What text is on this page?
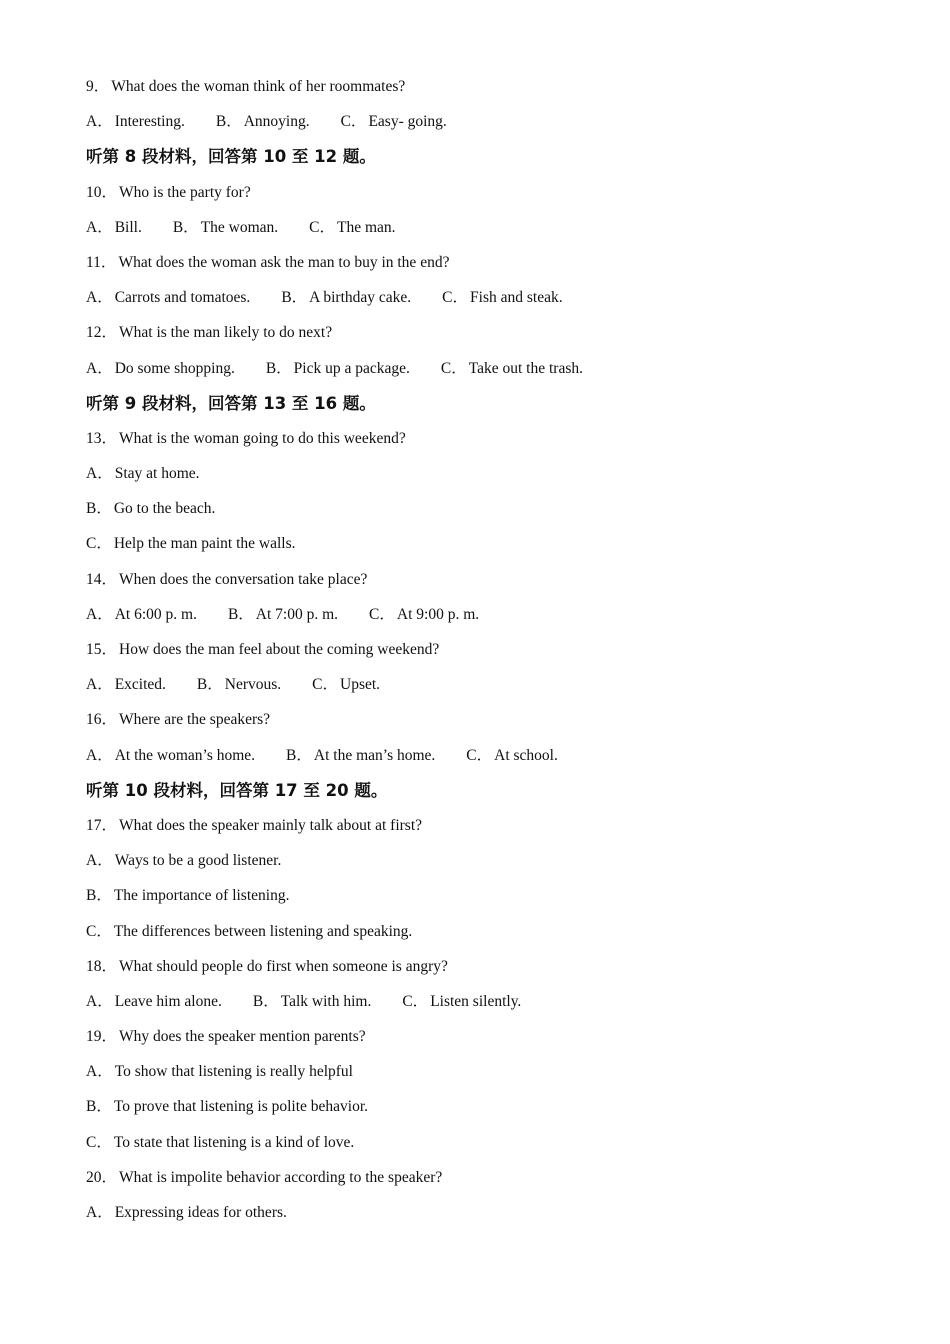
9． What does the woman think of her roommates?
A． Interesting. B． Annoying. C． Easy- going.
听第 8 段材料，回答第 10 至 12 题。
10． Who is the party for?
A． Bill. B． The woman. C． The man.
11． What does the woman ask the man to buy in the end?
A． Carrots and tomatoes. B． A birthday cake. C． Fish and steak.
12． What is the man likely to do next?
A． Do some shopping. B． Pick up a package. C． Take out the trash.
听第 9 段材料，回答第 13 至 16 题。
13． What is the woman going to do this weekend?
A． Stay at home.
B． Go to the beach.
C． Help the man paint the walls.
14． When does the conversation take place?
A． At 6:00 p. m. B． At 7:00 p. m. C． At 9:00 p. m.
15． How does the man feel about the coming weekend?
A． Excited. B． Nervous. C． Upset.
16． Where are the speakers?
A． At the woman’s home. B． At the man’s home. C． At school.
听第 10 段材料，回答第 17 至 20 题。
17． What does the speaker mainly talk about at first?
A． Ways to be a good listener.
B． The importance of listening.
C． The differences between listening and speaking.
18． What should people do first when someone is angry?
A． Leave him alone. B． Talk with him. C． Listen silently.
19． Why does the speaker mention parents?
A． To show that listening is really helpful
B． To prove that listening is polite behavior.
C． To state that listening is a kind of love.
20． What is impolite behavior according to the speaker?
A． Expressing ideas for others.
